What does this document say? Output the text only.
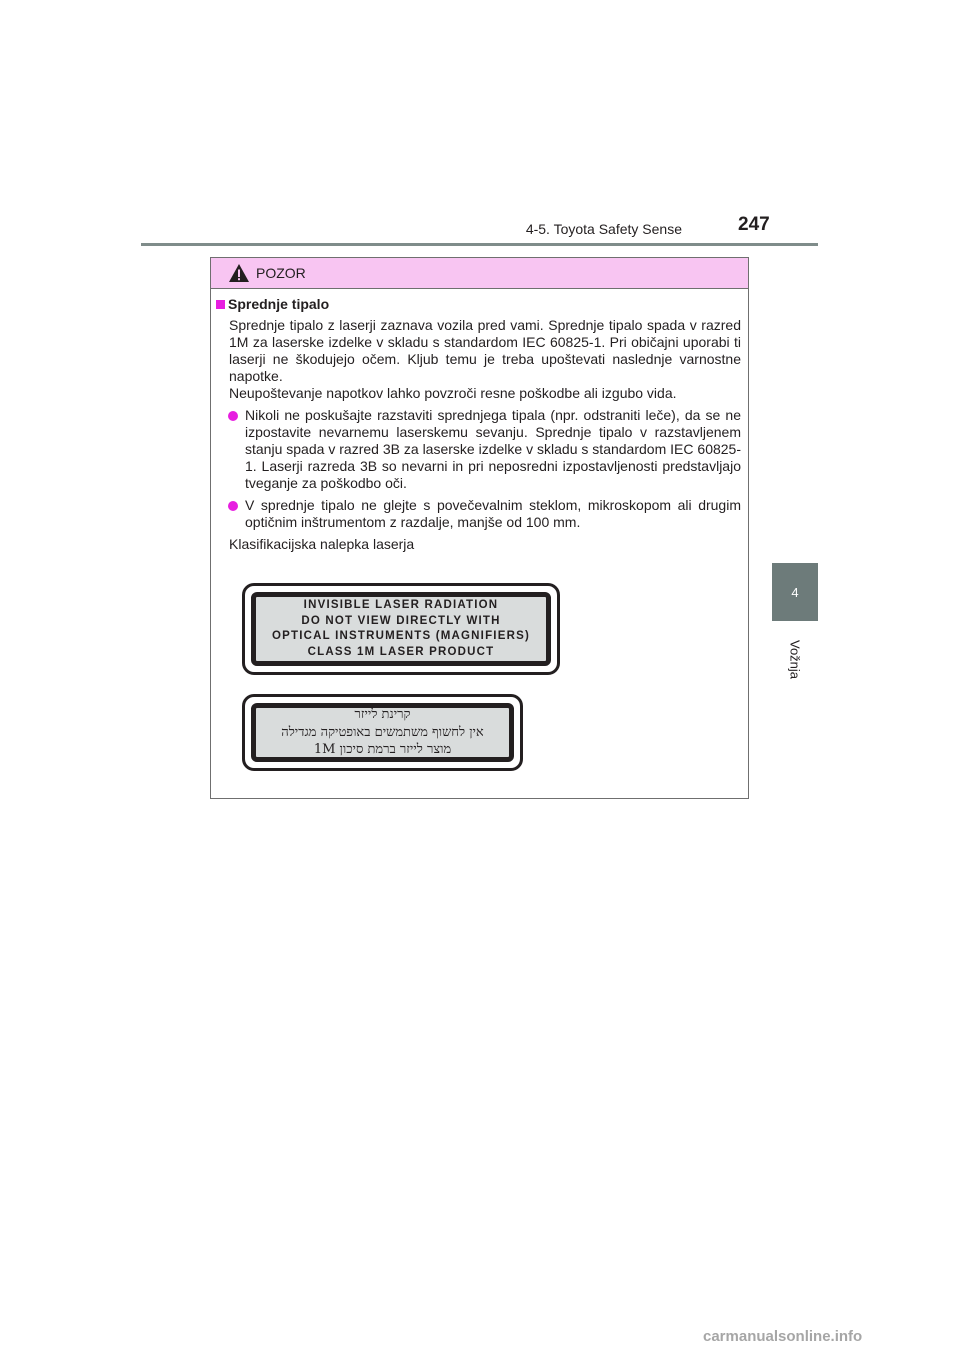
4-5. Toyota Safety Sense	247
4
Vožnja
POZOR
Sprednje tipalo
Sprednje tipalo z laserji zaznava vozila pred vami. Sprednje tipalo spada v razred 1M za laserske izdelke v skladu s standardom IEC 60825-1. Pri običajni uporabi ti laserji ne škodujejo očem. Kljub temu je treba upoštevati naslednje varnostne napotke.
Neupoštevanje napotkov lahko povzroči resne poškodbe ali izgubo vida.
Nikoli ne poskušajte razstaviti sprednjega tipala (npr. odstraniti leče), da se ne izpostavite nevarnemu laserskemu sevanju. Sprednje tipalo v razstavljenem stanju spada v razred 3B za laserske izdelke v skladu s standardom IEC 60825-1. Laserji razreda 3B so nevarni in pri neposredni izpostavljenosti predstavljajo tveganje za poškodbo oči.
V sprednje tipalo ne glejte s povečevalnim steklom, mikroskopom ali drugim optičnim inštrumentom z razdalje, manjše od 100 mm.
Klasifikacijska nalepka laserja
INVISIBLE LASER RADIATION
DO NOT VIEW DIRECTLY WITH
OPTICAL INSTRUMENTS (MAGNIFIERS)
CLASS 1M LASER PRODUCT
קרינת לייזר
אין לחשוף משתמשים באופטיקה מגדילה
מוצר לייזר ברמת סיכון 1M
carmanualsonline.info
